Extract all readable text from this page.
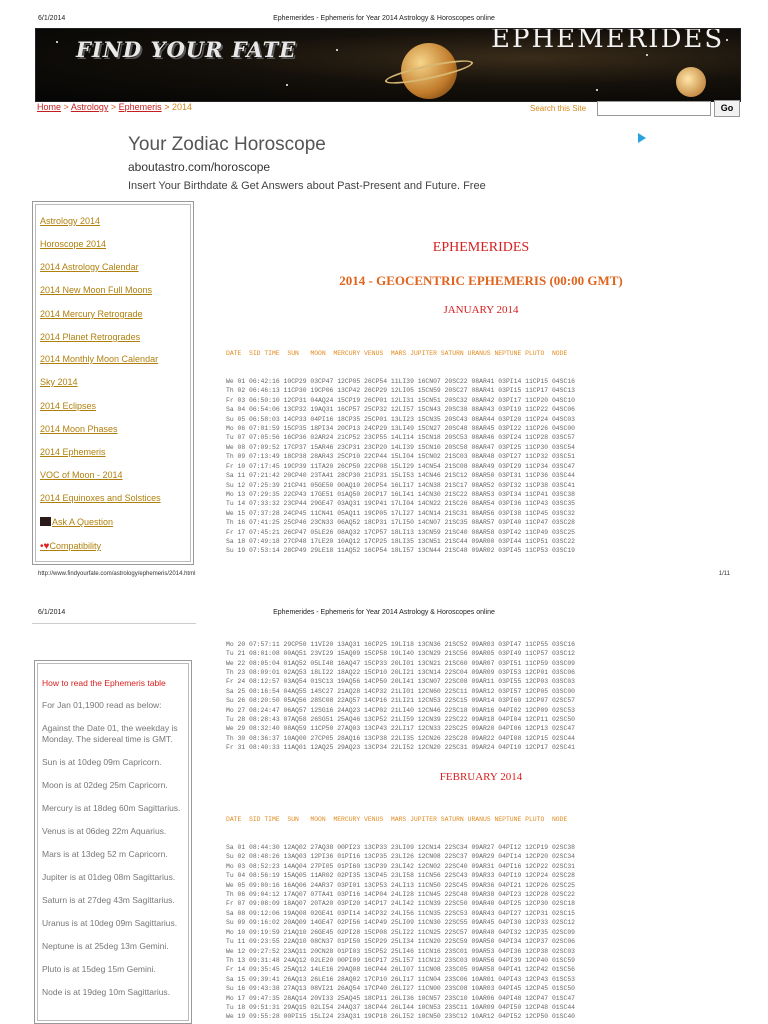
6/1/2014	Ephemerides - Ephemeris for Year 2014 Astrology & Horoscopes online
FIND YOUR FATE	EPHEMERIDES
Home > Astrology > Ephemeris > 2014	Search this Site	Go
Your Zodiac Horoscope
aboutastro.com/horoscope
Insert Your Birthdate & Get Answers about Past-Present and Future. Free
Astrology 2014
Horoscope 2014
2014 Astrology Calendar
2014 New Moon Full Moons
2014 Mercury Retrograde
2014 Planet Retrogrades
2014 Monthly Moon Calendar
Sky 2014
2014 Eclipses
2014 Moon Phases
2014 Ephemeris
VOC of Moon - 2014
2014 Equinoxes and Solstices
Ask A Question
•♥Compatibility
EPHEMERIDES
2014 - GEOCENTRIC EPHEMERIS (00:00 GMT)
JANUARY 2014

DATE  SID TIME  SUN   MOON  MERCURY VENUS  MARS JUPITER SATURN URANUS NEPTUNE PLUTO  NODE

We 01 06:42:16 10CP29 03CP47 12CP05 26CP54 11LI39 16CN07 20SC22 08AR41 03PI14 11CP15 04SC16
Th 02 06:46:13 11CP30 19CP06 13CP42 26CP29 12LI05 15CN59 20SC27 08AR41 03PI15 11CP17 04SC13
Fr 03 06:50:10 12CP31 04AQ24 15CP19 26CP01 12LI31 15CN51 20SC32 08AR42 03PI17 11CP20 04SC10
Sa 04 06:54:06 13CP32 19AQ31 16CP57 25CP32 12LI57 15CN43 20SC38 08AR43 03PI19 11CP22 04SC06
Su 05 06:58:03 14CP33 04PI16 18CP35 25CP01 13LI23 15CN35 20SC43 08AR44 03PI20 11CP24 04SC03
Mo 06 07:01:59 15CP35 18PI34 20CP13 24CP29 13LI49 15CN27 20SC48 08AR45 03PI22 11CP26 04SC00
Tu 07 07:05:56 16CP36 02AR24 21CP52 23CP55 14LI14 15CN18 20SC53 08AR46 03PI24 11CP28 03SC57
We 08 07:09:52 17CP37 15AR46 23CP31 23CP20 14LI39 15CN10 20SC58 08AR47 03PI25 11CP30 03SC54
Th 09 07:13:49 18CP38 28AR43 25CP10 22CP44 15LI04 15CN02 21SC03 08AR48 03PI27 11CP32 03SC51
Fr 10 07:17:45 19CP39 11TA20 26CP50 22CP08 15LI29 14CN54 21SC08 08AR49 03PI29 11CP34 03SC47
Sa 11 07:21:42 20CP40 23TA41 28CP30 21CP31 15LI53 14CN46 21SC12 08AR50 03PI31 11CP36 03SC44
Su 12 07:25:39 21CP41 05GE50 00AQ10 20CP54 16LI17 14CN38 21SC17 08AR52 03PI32 11CP38 03SC41
Mo 13 07:29:35 22CP43 17GE51 01AQ50 20CP17 16LI41 14CN30 21SC22 08AR53 03PI34 11CP41 03SC38
Tu 14 07:33:32 23CP44 29GE47 03AQ31 19CP41 17LI04 14CN22 21SC26 08AR54 03PI36 11CP43 03SC35
We 15 07:37:28 24CP45 11CN41 05AQ11 19CP05 17LI27 14CN14 21SC31 08AR56 03PI38 11CP45 03SC32
Th 16 07:41:25 25CP46 23CN33 06AQ52 18CP31 17LI50 14CN07 21SC35 08AR57 03PI40 11CP47 03SC28
Fr 17 07:45:21 26CP47 05LE26 08AQ32 17CP57 18LI13 13CN59 21SC40 08AR58 03PI42 11CP49 03SC25
Sa 18 07:49:18 27CP48 17LE20 10AQ12 17CP25 18LI35 13CN51 21SC44 09AR00 03PI44 11CP51 03SC22
Su 19 07:53:14 28CP49 29LE18 11AQ52 16CP54 18LI57 13CN44 21SC48 09AR02 03PI45 11CP53 03SC19

http://www.findyourfate.com/astrology/ephemeris/2014.html	1/11
6/1/2014	Ephemerides - Ephemeris for Year 2014 Astrology & Horoscopes online

Mo 20 07:57:11 29CP50 11VI20 13AQ31 16CP25 19LI18 13CN36 21SC52 09AR03 03PI47 11CP55 03SC16
Tu 21 08:01:08 00AQ51 23VI29 15AQ09 15CP58 19LI40 13CN29 21SC56 09AR05 03PI49 11CP57 03SC12
We 22 08:05:04 01AQ52 05LI48 16AQ47 15CP33 20LI01 13CN21 21SC60 09AR07 03PI51 11CP59 03SC09
Th 23 08:09:01 02AQ53 18LI22 18AQ22 15CP10 20LI21 13CN14 22SC04 09AR09 03PI53 12CP01 03SC06
Fr 24 08:12:57 03AQ54 01SC13 19AQ56 14CP50 20LI41 13CN07 22SC08 09AR11 03PI55 12CP03 03SC03
Sa 25 08:16:54 04AQ55 14SC27 21AQ28 14CP32 21LI01 12CN60 22SC11 09AR12 03PI57 12CP05 03SC00
Su 26 08:20:50 05AQ56 28SC08 22AQ57 14CP16 21LI21 12CN53 22SC15 09AR14 03PI60 12CP07 02SC57
Mo 27 08:24:47 06AQ57 12SG16 24AQ23 14CP02 21LI40 12CN46 22SC18 09AR16 04PI02 12CP09 02SC53
Tu 28 08:28:43 07AQ58 26SG51 25AQ46 13CP52 21LI59 12CN39 22SC22 09AR18 04PI04 12CP11 02SC50
We 29 08:32:40 08AQ59 11CP50 27AQ03 13CP43 22LI17 12CN33 22SC25 09AR20 04PI06 12CP13 02SC47
Th 30 08:36:37 10AQ00 27CP05 28AQ16 13CP38 22LI35 12CN26 22SC28 09AR22 04PI08 12CP15 02SC44
Fr 31 08:40:33 11AQ01 12AQ25 29AQ23 13CP34 22LI52 12CN20 22SC31 09AR24 04PI10 12CP17 02SC41

FEBRUARY 2014

DATE  SID TIME  SUN   MOON  MERCURY VENUS  MARS JUPITER SATURN URANUS NEPTUNE PLUTO  NODE

Sa 01 08:44:30 12AQ02 27AQ38 00PI23 13CP33 23LI09 12CN14 22SC34 09AR27 04PI12 12CP19 02SC38
Su 02 08:48:26 13AQ03 12PI36 01PI16 13CP35 23LI26 12CN08 22SC37 09AR29 04PI14 12CP20 02SC34
Mo 03 08:52:23 14AQ04 27PI05 01PI60 13CP39 23LI42 12CN02 22SC40 09AR31 04PI16 12CP22 02SC31
Tu 04 08:56:19 15AQ05 11AR02 02PI35 13CP45 23LI58 11CN56 22SC43 09AR33 04PI19 12CP24 02SC28
We 05 09:00:16 16AQ06 24AR37 03PI01 13CP53 24LI13 11CN50 22SC45 09AR36 04PI21 12CP26 02SC25
Th 06 09:04:12 17AQ07 07TA41 03PI16 14CP04 24LI28 11CN45 22SC48 09AR38 04PI23 12CP28 02SC22
Fr 07 09:08:09 18AQ07 20TA20 03PI20 14CP17 24LI42 11CN39 22SC50 09AR40 04PI25 12CP30 02SC18
Sa 08 09:12:06 19AQ08 02GE41 03PI14 14CP32 24LI56 11CN35 22SC53 09AR43 04PI27 12CP31 02SC15
Su 09 09:16:02 20AQ09 14GE47 02PI56 14CP49 25LI09 11CN30 22SC55 09AR45 04PI30 12CP33 02SC12
Mo 10 09:19:59 21AQ10 26GE45 02PI28 15CP08 25LI22 11CN25 22SC57 09AR48 04PI32 12CP35 02SC09
Tu 11 09:23:55 22AQ10 08CN37 01PI50 15CP29 25LI34 11CN20 22SC59 09AR50 04PI34 12CP37 02SC06
We 12 09:27:52 23AQ11 20CN28 01PI03 15CP52 25LI46 11CN16 23SC01 09AR53 04PI36 12CP38 02SC03
Th 13 09:31:48 24AQ12 02LE20 00PI09 16CP17 25LI57 11CN12 23SC03 09AR56 04PI39 12CP40 01SC59
Fr 14 09:35:45 25AQ12 14LE16 29AQ08 16CP44 26LI07 11CN08 23SC05 09AR58 04PI41 12CP42 01SC56
Sa 15 09:39:41 26AQ13 26LE16 28AQ02 17CP10 26LI17 11CN04 23SC06 10AR01 04PI43 12CP43 01SC53
Su 16 09:43:38 27AQ13 08VI21 26AQ54 17CP40 26LI27 11CN00 23SC08 10AR03 04PI45 12CP45 01SC50
Mo 17 09:47:35 28AQ14 20VI33 25AQ45 18CP11 26LI36 10CN57 23SC10 10AR06 04PI48 12CP47 01SC47
Tu 18 09:51:31 29AQ15 02LI54 24AQ37 18CP44 26LI44 10CN53 23SC11 10AR09 04PI50 12CP48 01SC44
We 19 09:55:28 00PI15 15LI24 23AQ31 19CP18 26LI52 10CN50 23SC12 10AR12 04PI52 12CP50 01SC40

How to read the Ephemeris table
For Jan 01,1900 read as below:
Against the Date 01, the weekday is Monday. The sidereal time is GMT.
Sun is at 10deg 09m Capricorn.
Moon is at 02deg 25m Capricorn.
Mercury is at 18deg 60m Sagittarius.
Venus is at 06deg 22m Aquarius.
Mars is at 13deg 52 m Capricorn.
Jupiter is at 01deg 08m Sagittarius.
Saturn is at 27deg 43m Sagittarius.
Uranus is at 10deg 09m Sagittarius.
Neptune is at 25deg 13m Gemini.
Pluto is at 15deg 15m Gemini.
Node is at 19deg 10m Sagittarius.
